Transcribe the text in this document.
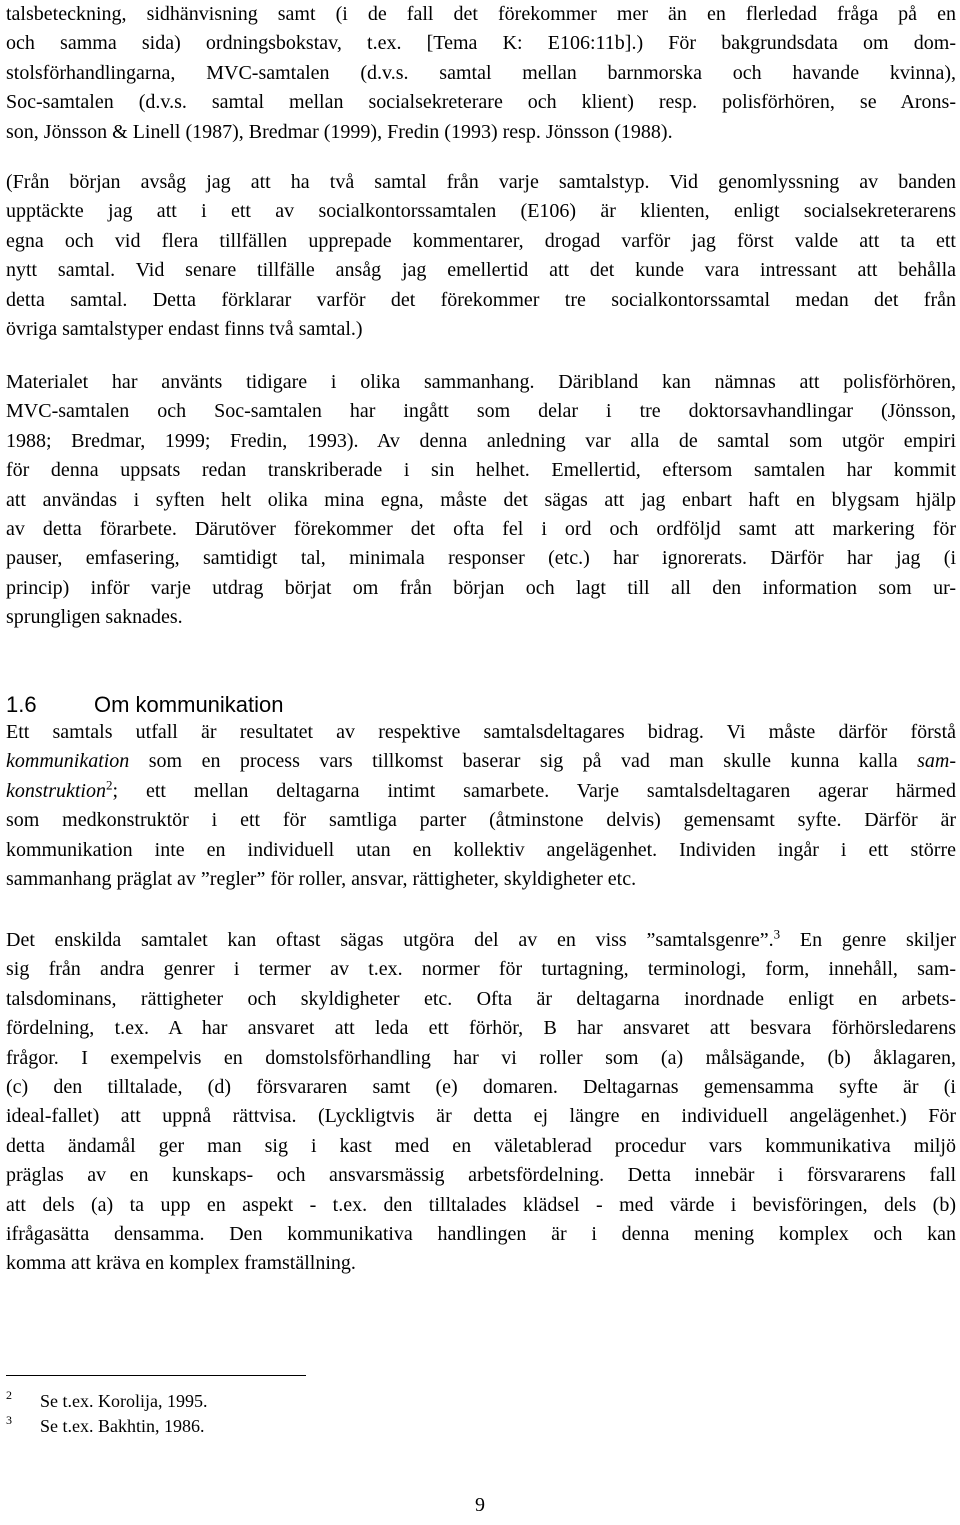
talsbeteckning, sidhänvisning samt (i de fall det förekommer mer än en flerledad fråga på en
och samma sida) ordningsbokstav, t.ex. [Tema K: E106:11b].) För bakgrundsdata om dom-
stolsförhandlingarna, MVC-samtalen (d.v.s. samtal mellan barnmorska och havande kvinna),
Soc-samtalen (d.v.s. samtal mellan socialsekreterare och klient) resp. polisförhören, se Arons-
son, Jönsson & Linell (1987), Bredmar (1999), Fredin (1993) resp. Jönsson (1988).
(Från början avsåg jag att ha två samtal från varje samtalstyp. Vid genomlyssning av banden
upptäckte jag att i ett av socialkontorssamtalen (E106) är klienten, enligt socialsekreterarens
egna och vid flera tillfällen upprepade kommentarer, drogad varför jag först valde att ta ett
nytt samtal. Vid senare tillfälle ansåg jag emellertid att det kunde vara intressant att behålla
detta samtal. Detta förklarar varför det förekommer tre socialkontorssamtal medan det från
övriga samtalstyper endast finns två samtal.)
Materialet har använts tidigare i olika sammanhang. Däribland kan nämnas att polisförhören,
MVC-samtalen och Soc-samtalen har ingått som delar i tre doktorsavhandlingar (Jönsson,
1988; Bredmar, 1999; Fredin, 1993). Av denna anledning var alla de samtal som utgör empiri
för denna uppsats redan transkriberade i sin helhet. Emellertid, eftersom samtalen har kommit
att användas i syften helt olika mina egna, måste det sägas att jag enbart haft en blygsam hjälp
av detta förarbete. Därutöver förekommer det ofta fel i ord och ordföljd samt att markering för
pauser, emfasering, samtidigt tal, minimala responser (etc.) har ignorerats. Därför har jag (i
princip) inför varje utdrag börjat om från början och lagt till all den information som ur-
sprungligen saknades.
1.6	Om kommunikation
Ett samtals utfall är resultatet av respektive samtalsdeltagares bidrag. Vi måste därför förstå
kommunikation som en process vars tillkomst baserar sig på vad man skulle kunna kalla sam-
konstruktion$^2$; ett mellan deltagarna intimt samarbete. Varje samtalsdeltagaren agerar härmed
som medkonstruktör i ett för samtliga parter (åtminstone delvis) gemensamt syfte. Därför är
kommunikation inte en individuell utan en kollektiv angelägenhet. Individen ingår i ett större
sammanhang präglat av ”regler” för roller, ansvar, rättigheter, skyldigheter etc.
Det enskilda samtalet kan oftast sägas utgöra del av en viss ”samtalsgenre”.$^3$ En genre skiljer
sig från andra genrer i termer av t.ex. normer för turtagning, terminologi, form, innehåll, sam-
talsdominans, rättigheter och skyldigheter etc. Ofta är deltagarna inordnade enligt en arbets-
fördelning, t.ex. A har ansvaret att leda ett förhör, B har ansvaret att besvara förhörsledarens
frågor. I exempelvis en domstolsförhandling har vi roller som (a) målsägande, (b) åklagaren,
(c) den tilltalade, (d) försvararen samt (e) domaren. Deltagarnas gemensamma syfte är (i
ideal-fallet) att uppnå rättvisa. (Lyckligtvis är detta ej längre en individuell angelägenhet.) För
detta ändamål ger man sig i kast med en väletablerad procedur vars kommunikativa miljö
präglas av en kunskaps- och ansvarsmässig arbetsfördelning. Detta innebär i försvararens fall
att dels (a) ta upp en aspekt - t.ex. den tilltalades klädsel - med värde i bevisföringen, dels (b)
ifrågasätta densamma. Den kommunikativa handlingen är i denna mening komplex och kan
komma att kräva en komplex framställning.
2 Se t.ex. Korolija, 1995.
3 Se t.ex. Bakhtin, 1986.
9
